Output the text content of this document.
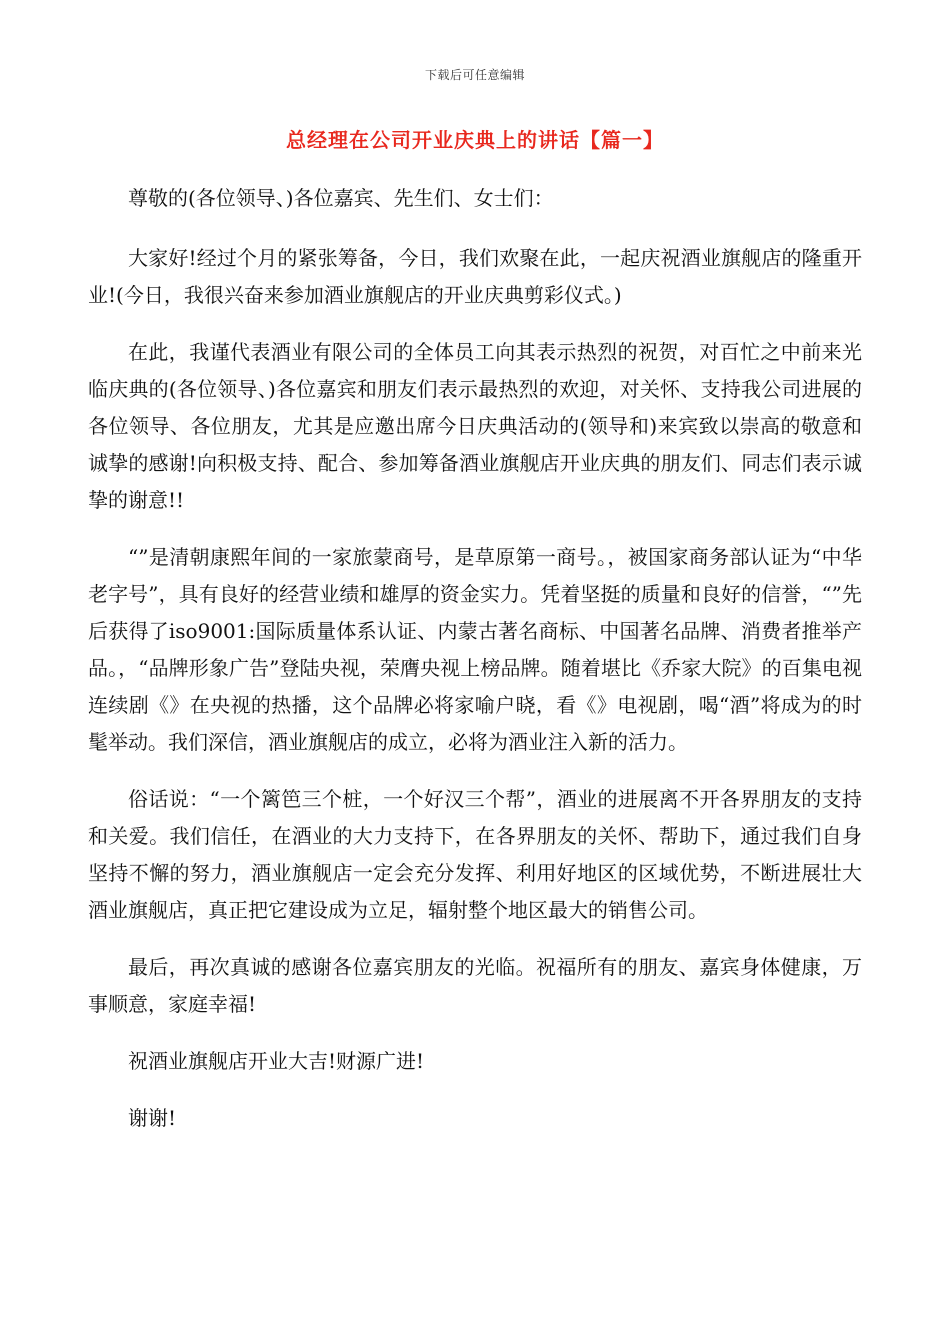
下载后可任意编辑
总经理在公司开业庆典上的讲话【篇一】

尊敬的(各位领导、)各位嘉宾、先生们、女士们：

大家好!经过个月的紧张筹备，今日，我们欢聚在此，一起庆祝酒业旗舰店的隆重开业!(今日，我很兴奋来参加酒业旗舰店的开业庆典剪彩仪式。)

在此，我谨代表酒业有限公司的全体员工向其表示热烈的祝贺，对百忙之中前来光临庆典的(各位领导、)各位嘉宾和朋友们表示最热烈的欢迎，对关怀、支持我公司进展的各位领导、各位朋友，尤其是应邀出席今日庆典活动的(领导和)来宾致以崇高的敬意和诚挚的感谢!向积极支持、配合、参加筹备酒业旗舰店开业庆典的朋友们、同志们表示诚挚的谢意!!

“”是清朝康熙年间的一家旅蒙商号，是草原第一商号。，被国家商务部认证为“中华老字号”，具有良好的经营业绩和雄厚的资金实力。凭着坚挺的质量和良好的信誉，“”先后获得了iso9001:国际质量体系认证、内蒙古著名商标、中国著名品牌、消费者推举产品。，“品牌形象广告”登陆央视，荣膺央视上榜品牌。随着堪比《乔家大院》的百集电视连续剧《》在央视的热播，这个品牌必将家喻户晓，看《》电视剧，喝“酒”将成为的时髦举动。我们深信，酒业旗舰店的成立，必将为酒业注入新的活力。

俗话说：“一个篱笆三个桩，一个好汉三个帮”，酒业的进展离不开各界朋友的支持和关爱。我们信任，在酒业的大力支持下，在各界朋友的关怀、帮助下，通过我们自身坚持不懈的努力，酒业旗舰店一定会充分发挥、利用好地区的区域优势，不断进展壮大酒业旗舰店，真正把它建设成为立足，辐射整个地区最大的销售公司。

最后，再次真诚的感谢各位嘉宾朋友的光临。祝福所有的朋友、嘉宾身体健康，万事顺意，家庭幸福!

祝酒业旗舰店开业大吉!财源广进!

谢谢!
